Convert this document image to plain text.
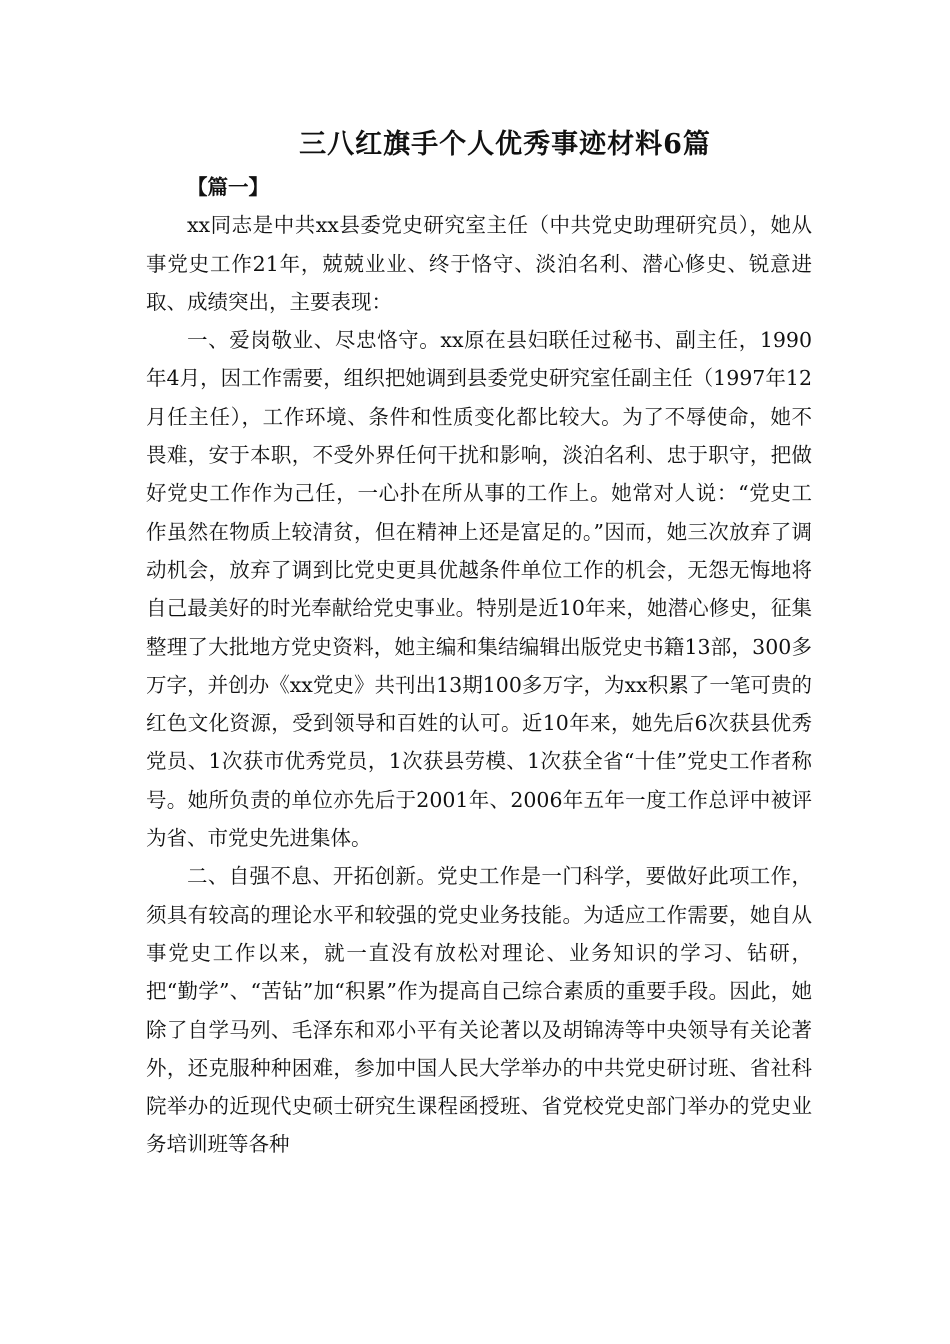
三八红旗手个人优秀事迹材料6篇

【篇一】

xx同志是中共xx县委党史研究室主任（中共党史助理研究员），她从事党史工作21年，兢兢业业、终于恪守、淡泊名利、潜心修史、锐意进取、成绩突出，主要表现：

一、爱岗敬业、尽忠恪守。xx原在县妇联任过秘书、副主任，1990年4月，因工作需要，组织把她调到县委党史研究室任副主任（1997年12月任主任），工作环境、条件和性质变化都比较大。为了不辱使命，她不畏难，安于本职，不受外界任何干扰和影响，淡泊名利、忠于职守，把做好党史工作作为己任，一心扑在所从事的工作上。她常对人说：“党史工作虽然在物质上较清贫，但在精神上还是富足的。”因而，她三次放弃了调动机会，放弃了调到比党史更具优越条件单位工作的机会，无怨无悔地将自己最美好的时光奉献给党史事业。特别是近10年来，她潜心修史，征集整理了大批地方党史资料，她主编和集结编辑出版党史书籍13部，300多万字，并创办《xx党史》共刊出13期100多万字，为xx积累了一笔可贵的红色文化资源，受到领导和百姓的认可。近10年来，她先后6次获县优秀党员、1次获市优秀党员，1次获县劳模、1次获全省“十佳”党史工作者称号。她所负责的单位亦先后于2001年、2006年五年一度工作总评中被评为省、市党史先进集体。

二、自强不息、开拓创新。党史工作是一门科学，要做好此项工作，须具有较高的理论水平和较强的党史业务技能。为适应工作需要，她自从事党史工作以来，就一直没有放松对理论、业务知识的学习、钻研，把“勤学”、“苦钻”加“积累”作为提高自己综合素质的重要手段。因此，她除了自学马列、毛泽东和邓小平有关论著以及胡锦涛等中央领导有关论著外，还克服种种困难，参加中国人民大学举办的中共党史研讨班、省社科院举办的近现代史硕士研究生课程函授班、省党校党史部门举办的党史业务培训班等各种
